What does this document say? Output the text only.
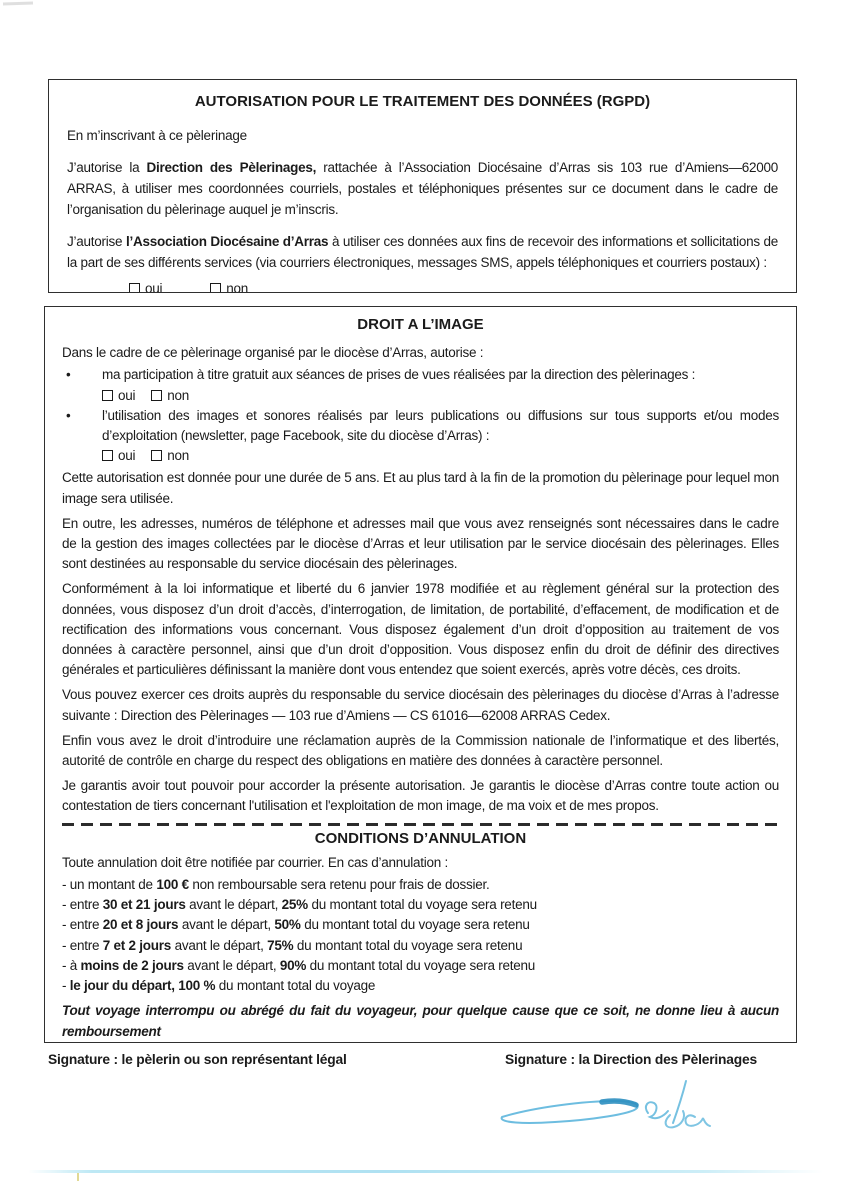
AUTORISATION POUR LE TRAITEMENT DES DONNÉES (RGPD)

En m’inscrivant à ce pèlerinage

J’autorise la Direction des Pèlerinages, rattachée à l’Association Diocésaine d’Arras sis 103 rue d’Amiens—62000 ARRAS, à utiliser mes coordonnées courriels, postales et téléphoniques présentes sur ce document dans le cadre de l’organisation du pèlerinage auquel je m’inscris.

J’autorise l’Association Diocésaine d’Arras à utiliser ces données aux fins de recevoir des informations et sollicitations de la part de ses différents services (via courriers électroniques, messages SMS, appels téléphoniques et courriers postaux) :

oui	non
DROIT A L’IMAGE

Dans le cadre de ce pèlerinage organisé par le diocèse d’Arras, autorise :

• ma participation à titre gratuit aux séances de prises de vues réalisées par la direction des pèlerinages :
oui	non
• l’utilisation des images et sonores réalisés par leurs publications ou diffusions sur tous supports et/ou modes d’exploitation (newsletter, page Facebook, site du diocèse d’Arras) :
oui	non

Cette autorisation est donnée pour une durée de 5 ans. Et au plus tard à la fin de la promotion du pèlerinage pour lequel mon image sera utilisée.

En outre, les adresses, numéros de téléphone et adresses mail que vous avez renseignés sont nécessaires dans le cadre de la gestion des images collectées par le diocèse d’Arras et leur utilisation par le service diocésain des pèlerinages. Elles sont destinées au responsable du service diocésain des pèlerinages.

Conformément à la loi informatique et liberté du 6 janvier 1978 modifiée et au règlement général sur la protection des données, vous disposez d’un droit d’accès, d’interrogation, de limitation, de portabilité, d’effacement, de modification et de rectification des informations vous concernant. Vous disposez également d’un droit d’opposition au traitement de vos données à caractère personnel, ainsi que d’un droit d’opposition. Vous disposez enfin du droit de définir des directives générales et particulières définissant la manière dont vous entendez que soient exercés, après votre décès, ces droits.

Vous pouvez exercer ces droits auprès du responsable du service diocésain des pèlerinages du diocèse d’Arras à l’adresse suivante : Direction des Pèlerinages — 103 rue d’Amiens — CS 61016—62008 ARRAS Cedex.

Enfin vous avez le droit d’introduire une réclamation auprès de la Commission nationale de l’informatique et des libertés, autorité de contrôle en charge du respect des obligations en matière des données à caractère personnel.

Je garantis avoir tout pouvoir pour accorder la présente autorisation. Je garantis le diocèse d’Arras contre toute action ou contestation de tiers concernant l'utilisation et l'exploitation de mon image, de ma voix et de mes propos.

CONDITIONS D’ANNULATION

Toute annulation doit être notifiée par courrier. En cas d’annulation :

- un montant de 100 € non remboursable sera retenu pour frais de dossier.
- entre 30 et 21 jours avant le départ, 25% du montant total du voyage sera retenu
- entre 20 et 8 jours avant le départ, 50% du montant total du voyage sera retenu
- entre 7 et 2 jours avant le départ, 75% du montant total du voyage sera retenu
- à moins de 2 jours avant le départ, 90% du montant total du voyage sera retenu
- le jour du départ, 100 % du montant total du voyage

Tout voyage interrompu ou abrégé du fait du voyageur, pour quelque cause que ce soit, ne donne lieu à aucun remboursement

Signature : le pèlerin ou son représentant légal	Signature : la Direction des Pèlerinages
